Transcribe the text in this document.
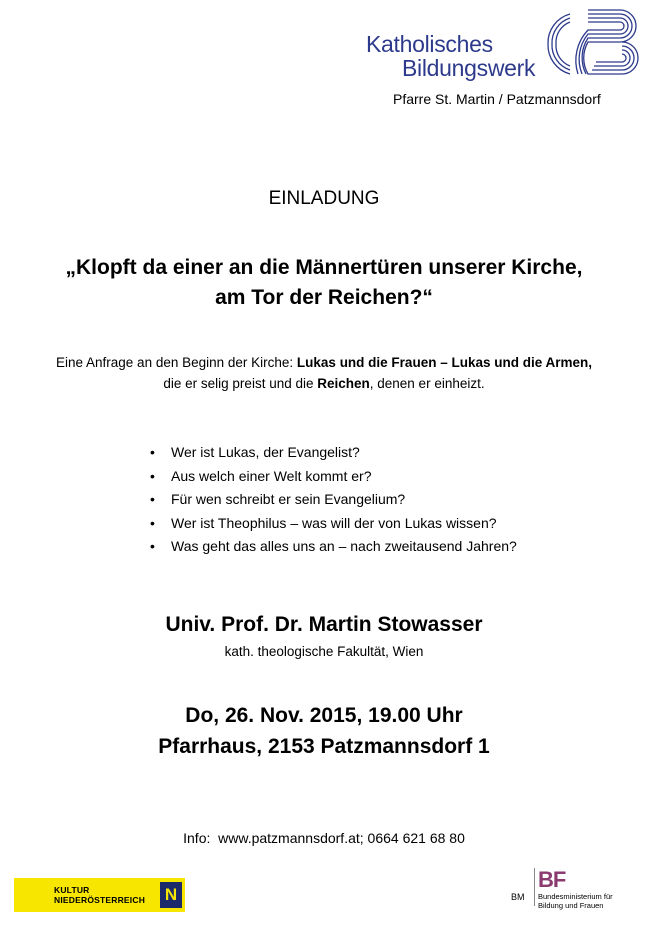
Katholisches
Bildungswerk
Pfarre St. Martin / Patzmannsdorf
EINLADUNG
„Klopft da einer an die Männertüren unserer Kirche,
am Tor der Reichen?“
Eine Anfrage an den Beginn der Kirche: Lukas und die Frauen – Lukas und die Armen,
die er selig preist und die Reichen, denen er einheizt.
• Wer ist Lukas, der Evangelist?
• Aus welch einer Welt kommt er?
• Für wen schreibt er sein Evangelium?
• Wer ist Theophilus – was will der von Lukas wissen?
• Was geht das alles uns an – nach zweitausend Jahren?
Univ. Prof. Dr. Martin Stowasser
kath. theologische Fakultät, Wien
Do, 26. Nov. 2015, 19.00 Uhr
Pfarrhaus, 2153 Patzmannsdorf 1
Info:  www.patzmannsdorf.at; 0664 621 68 80
KULTUR
NIEDERÖSTERREICH N	BM
BF
Bundesministerium für
Bildung und Frauen
